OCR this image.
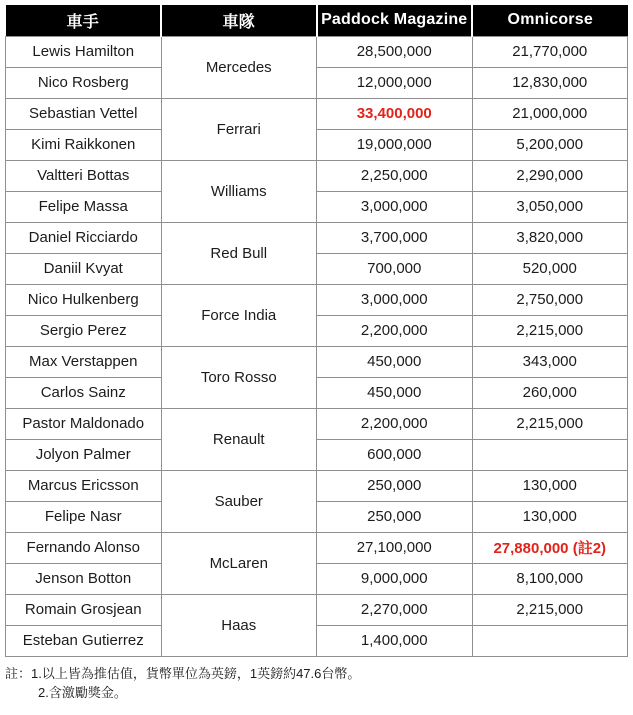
車手	車隊	Paddock Magazine	Omnicorse
Lewis Hamilton	Mercedes	28,500,000	21,770,000
Nico Rosberg		12,000,000	12,830,000
Sebastian Vettel	Ferrari	33,400,000	21,000,000
Kimi Raikkonen		19,000,000	5,200,000
Valtteri Bottas	Williams	2,250,000	2,290,000
Felipe Massa		3,000,000	3,050,000
Daniel Ricciardo	Red Bull	3,700,000	3,820,000
Daniil Kvyat		700,000	520,000
Nico Hulkenberg	Force India	3,000,000	2,750,000
Sergio Perez		2,200,000	2,215,000
Max Verstappen	Toro Rosso	450,000	343,000
Carlos Sainz		450,000	260,000
Pastor Maldonado	Renault	2,200,000	2,215,000
Jolyon Palmer		600,000	
Marcus Ericsson	Sauber	250,000	130,000
Felipe Nasr		250,000	130,000
Fernando Alonso	McLaren	27,100,000	27,880,000 (註2)
Jenson Botton		9,000,000	8,100,000
Romain Grosjean	Haas	2,270,000	2,215,000
Esteban Gutierrez		1,400,000	
註：1.以上皆為推估值，貨幣單位為英鎊，1英鎊約47.6台幣。
2.含激勵獎金。
